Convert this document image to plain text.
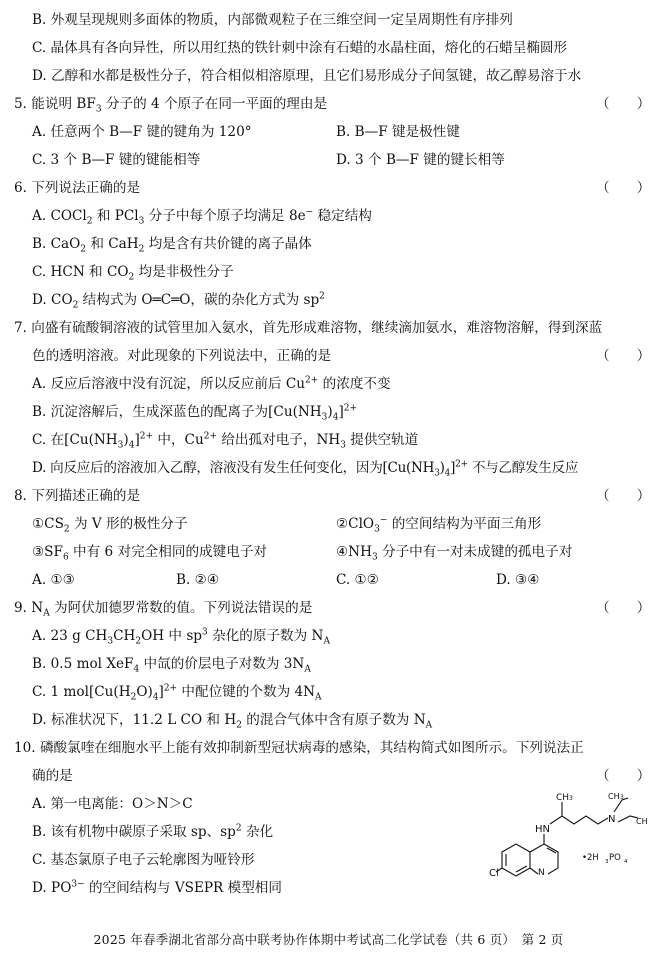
B. 外观呈现规则多面体的物质，内部微观粒子在三维空间一定呈周期性有序排列
C. 晶体具有各向异性，所以用红热的铁针刺中涂有石蜡的水晶柱面，熔化的石蜡呈椭圆形
D. 乙醇和水都是极性分子，符合相似相溶原理，且它们易形成分子间氢键，故乙醇易溶于水
5. 能说明 $BF_3$ 分子的 4 个原子在同一平面的理由是	（　　）
A. 任意两个 B—F 键的键角为 120°	B. B—F 键是极性键
C. 3 个 B—F 键的键能相等	D. 3 个 B—F 键的键长相等
6. 下列说法正确的是	（　　）
A. COCl$_2$ 和 PCl$_3$ 分子中每个原子均满足 8e− 稳定结构
B. CaO$_2$ 和 CaH$_2$ 均是含有共价键的离子晶体
C. HCN 和 $CO_2$ 均是非极性分子
D. $CO_2$ 结构式为 O═C═O，碳的杂化方式为 $sp^2$
7. 向盛有硫酸铜溶液的试管里加入氨水，首先形成难溶物，继续滴加氨水，难溶物溶解，得到深蓝
色的透明溶液。对此现象的下列说法中，正确的是	（　　）
A. 反应后溶液中没有沉淀，所以反应前后 $Cu^{2+}$ 的浓度不变
B. 沉淀溶解后，生成深蓝色的配离子为$[Cu(NH_3)_4]^{2+}$
C. 在$[Cu(NH_3)_4]^{2+}$ 中，$Cu^{2+}$ 给出孤对电子，$NH_3$ 提供空轨道
D. 向反应后的溶液加入乙醇，溶液没有发生任何变化，因为$[Cu(NH_3)_4]^{2+}$ 不与乙醇发生反应
8. 下列描述正确的是	（　　）
$①CS_2$ 为 V 形的极性分子	②ClO$_3$− 的空间结构为平面三角形
$③SF_6$ 中有 6 对完全相同的成键电子对	$④NH_3$ 分子中有一对未成键的孤电子对
A. ①③	B. ②④	C. ①②	D. ③④
9. $N_A$ 为阿伏加德罗常数的值。下列说法错误的是	（　　）
A. 23 g $CH_3CH_2OH$ 中 $sp^3$ 杂化的原子数为 $N_A$
B. 0.5 mol XeF$_4$ 中氙的价层电子对数为 $3N_A$
C. 1 $mol[Cu(H_2O)_4]^{2+}$ 中配位键的个数为 $4N_A$
D. 标准状况下，11.2 L CO 和 $H_2$ 的混合气体中含有原子数为 $N_A$
10. 磷酸氯喹在细胞水平上能有效抑制新型冠状病毒的感染，其结构简式如图所示。下列说法正
确的是	（　　）
A. 第一电离能：O＞N＞C
B. 该有机物中碳原子采取 sp、$sp^2$ 杂化
C. 基态氯原子电子云轮廓图为哑铃形
D. $PO^{3-}$ 的空间结构与 VSEPR 模型相同
Cl	N
HN
CH 3
N
CH 3
CH
•2H 3 PO 4
2025 年春季湖北省部分高中联考协作体期中考试高二化学试卷（共 6 页）　第 2 页
